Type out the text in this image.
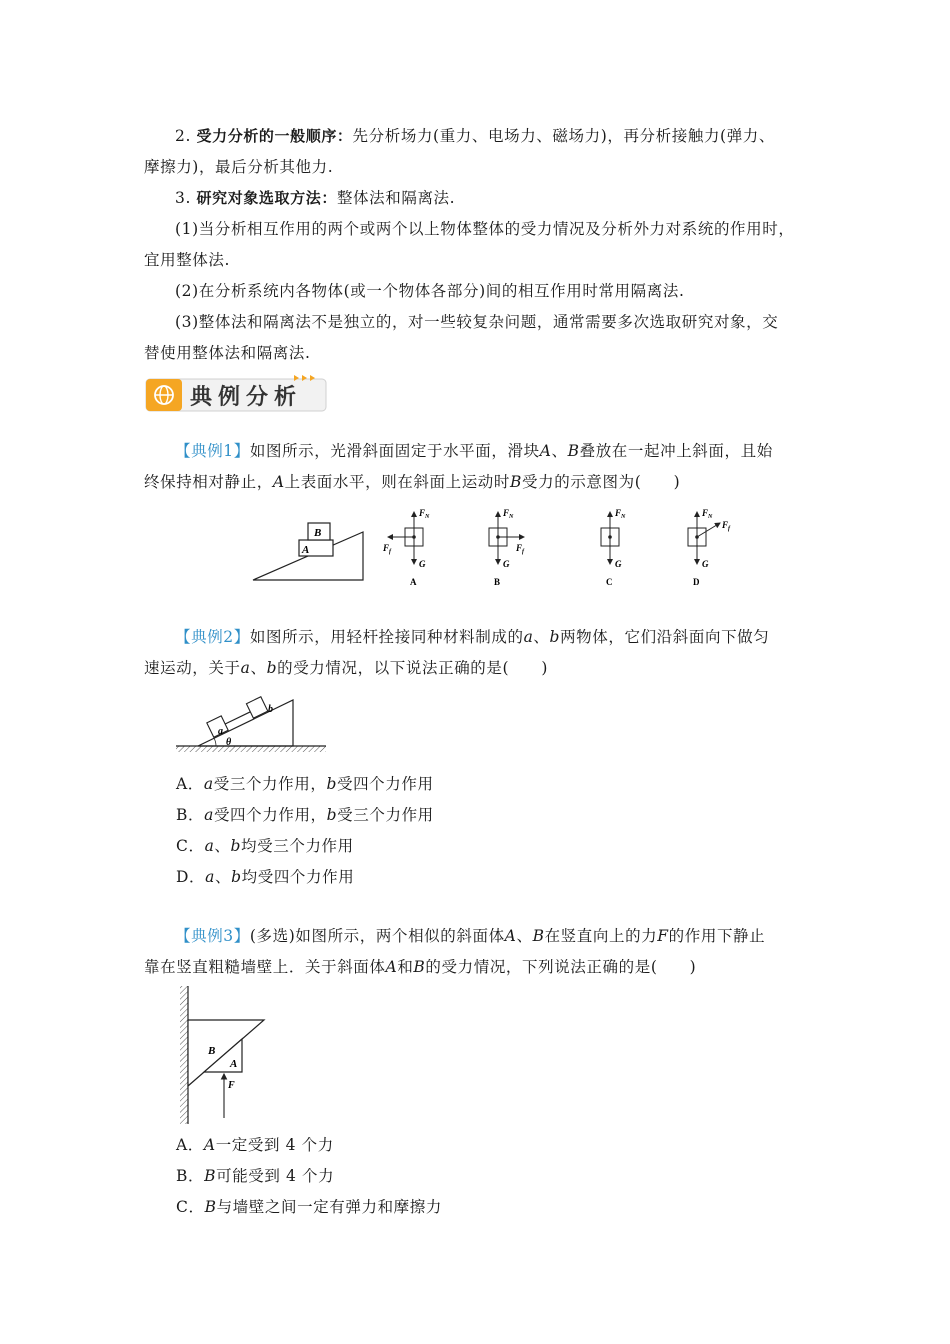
2. 受力分析的一般顺序：先分析场力(重力、电场力、磁场力)，再分析接触力(弹力、
摩擦力)，最后分析其他力.
3. 研究对象选取方法：整体法和隔离法.
(1)当分析相互作用的两个或两个以上物体整体的受力情况及分析外力对系统的作用时，
宜用整体法.
(2)在分析系统内各物体(或一个物体各部分)间的相互作用时常用隔离法.
(3)整体法和隔离法不是独立的，对一些较复杂问题，通常需要多次选取研究对象，交
替使用整体法和隔离法.
典例分析
【典例1】如图所示，光滑斜面固定于水平面，滑块A、B叠放在一起冲上斜面，且始
终保持相对静止，A上表面水平，则在斜面上运动时B受力的示意图为(　　)
A
B
$F_N$
$F_f$
G
A
$F_N$
$F_f$
G
B
$F_N$
G
C
$F_N$
$F_f$
G
D
【典例2】如图所示，用轻杆拴接同种材料制成的a、b两物体，它们沿斜面向下做匀
速运动，关于a、b的受力情况，以下说法正确的是(　　)
a
b
θ
A．a受三个力作用，b受四个力作用
B．a受四个力作用，b受三个力作用
C．a、b均受三个力作用
D．a、b均受四个力作用
【典例3】(多选)如图所示，两个相似的斜面体A、B在竖直向上的力F的作用下静止
靠在竖直粗糙墙壁上．关于斜面体A和B的受力情况，下列说法正确的是(　　)
B
A
F
A．A一定受到 4 个力
B．B可能受到 4 个力
C．B与墙壁之间一定有弹力和摩擦力
